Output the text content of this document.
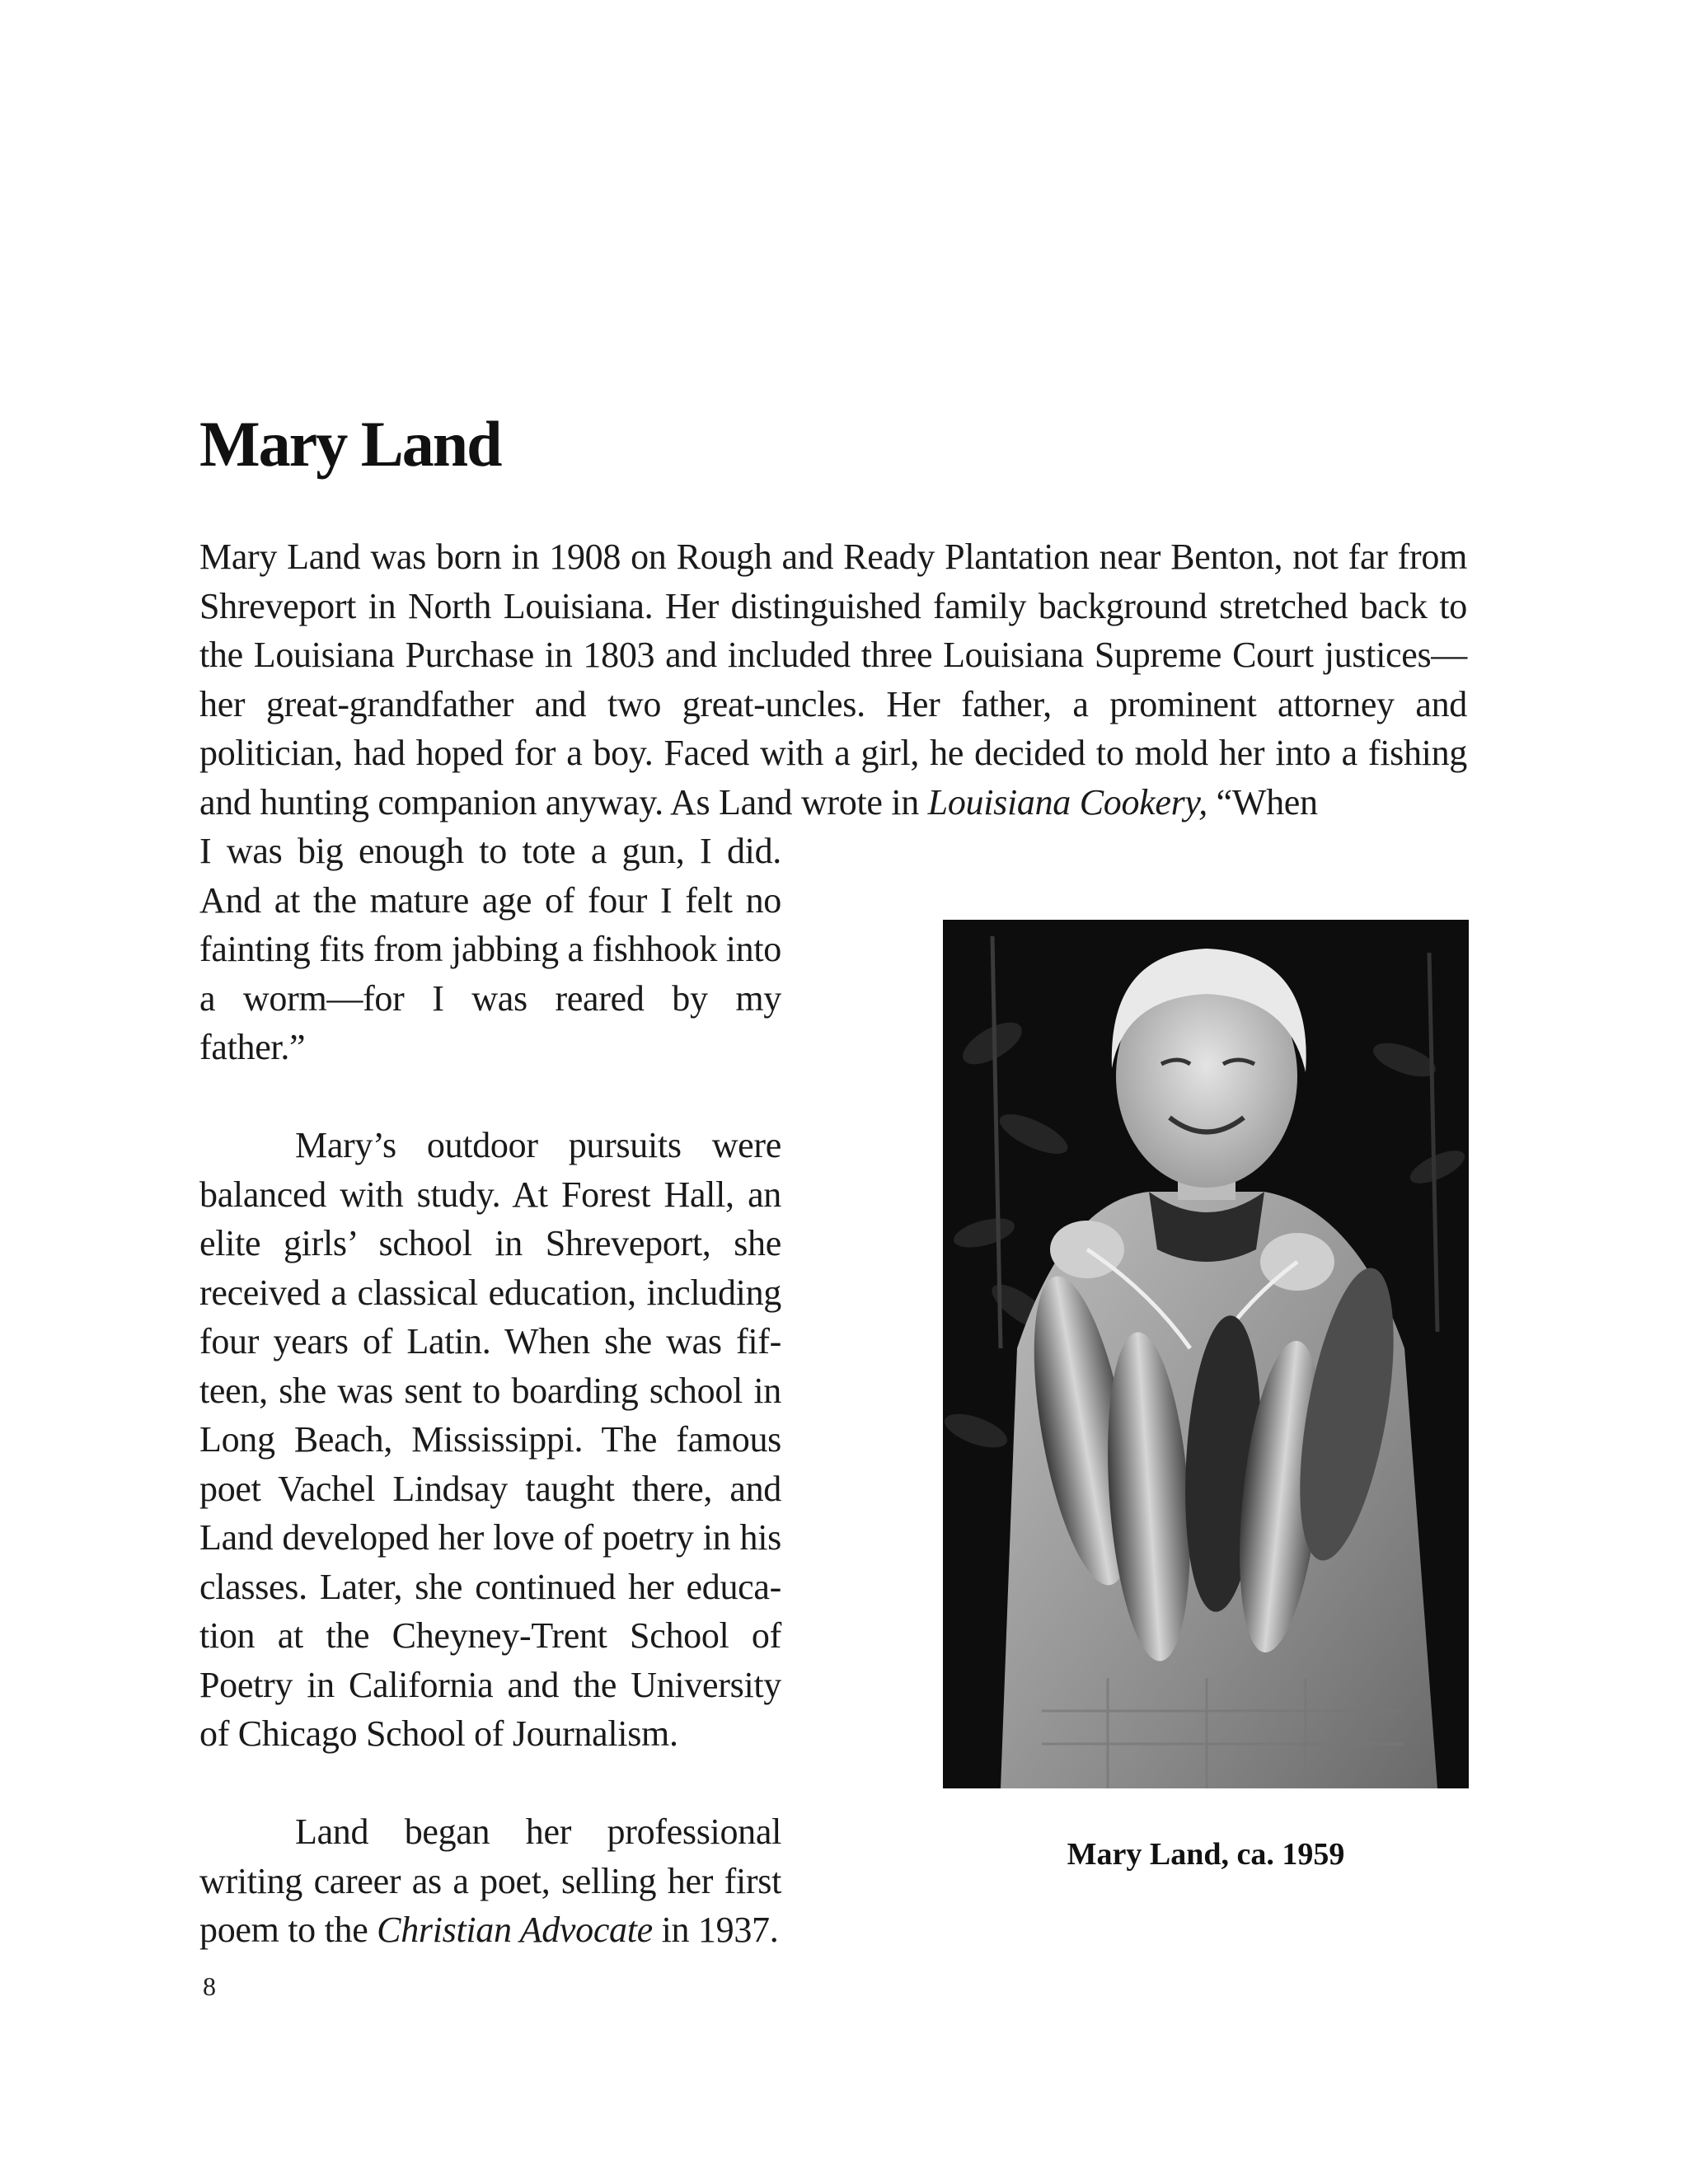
Mary Land

Mary Land was born in 1908 on Rough and Ready Plantation near Benton, not far from Shreveport in North Louisiana. Her distinguished family background stretched back to the Louisiana Purchase in 1803 and included three Louisiana Supreme Court justices—her great-grandfather and two great-uncles. Her father, a prominent attorney and politician, had hoped for a boy. Faced with a girl, he decided to mold her into a fishing and hunting companion anyway. As Land wrote in Louisiana Cookery, “When

I was big enough to tote a gun, I did. And at the mature age of four I felt no fainting fits from jabbing a fishhook into a worm—for I was reared by my father.”

Mary’s outdoor pursuits were balanced with study. At Forest Hall, an elite girls’ school in Shreveport, she received a classical education, including four years of Latin. When she was fif-teen, she was sent to boarding school in Long Beach, Mississippi. The famous poet Vachel Lindsay taught there, and Land developed her love of poetry in his classes. Later, she continued her educa-tion at the Cheyney-Trent School of Poetry in California and the University of Chicago School of Journalism.

Land began her professional writing career as a poet, selling her first poem to the Christian Advocate in 1937.

Mary Land, ca. 1959

8
